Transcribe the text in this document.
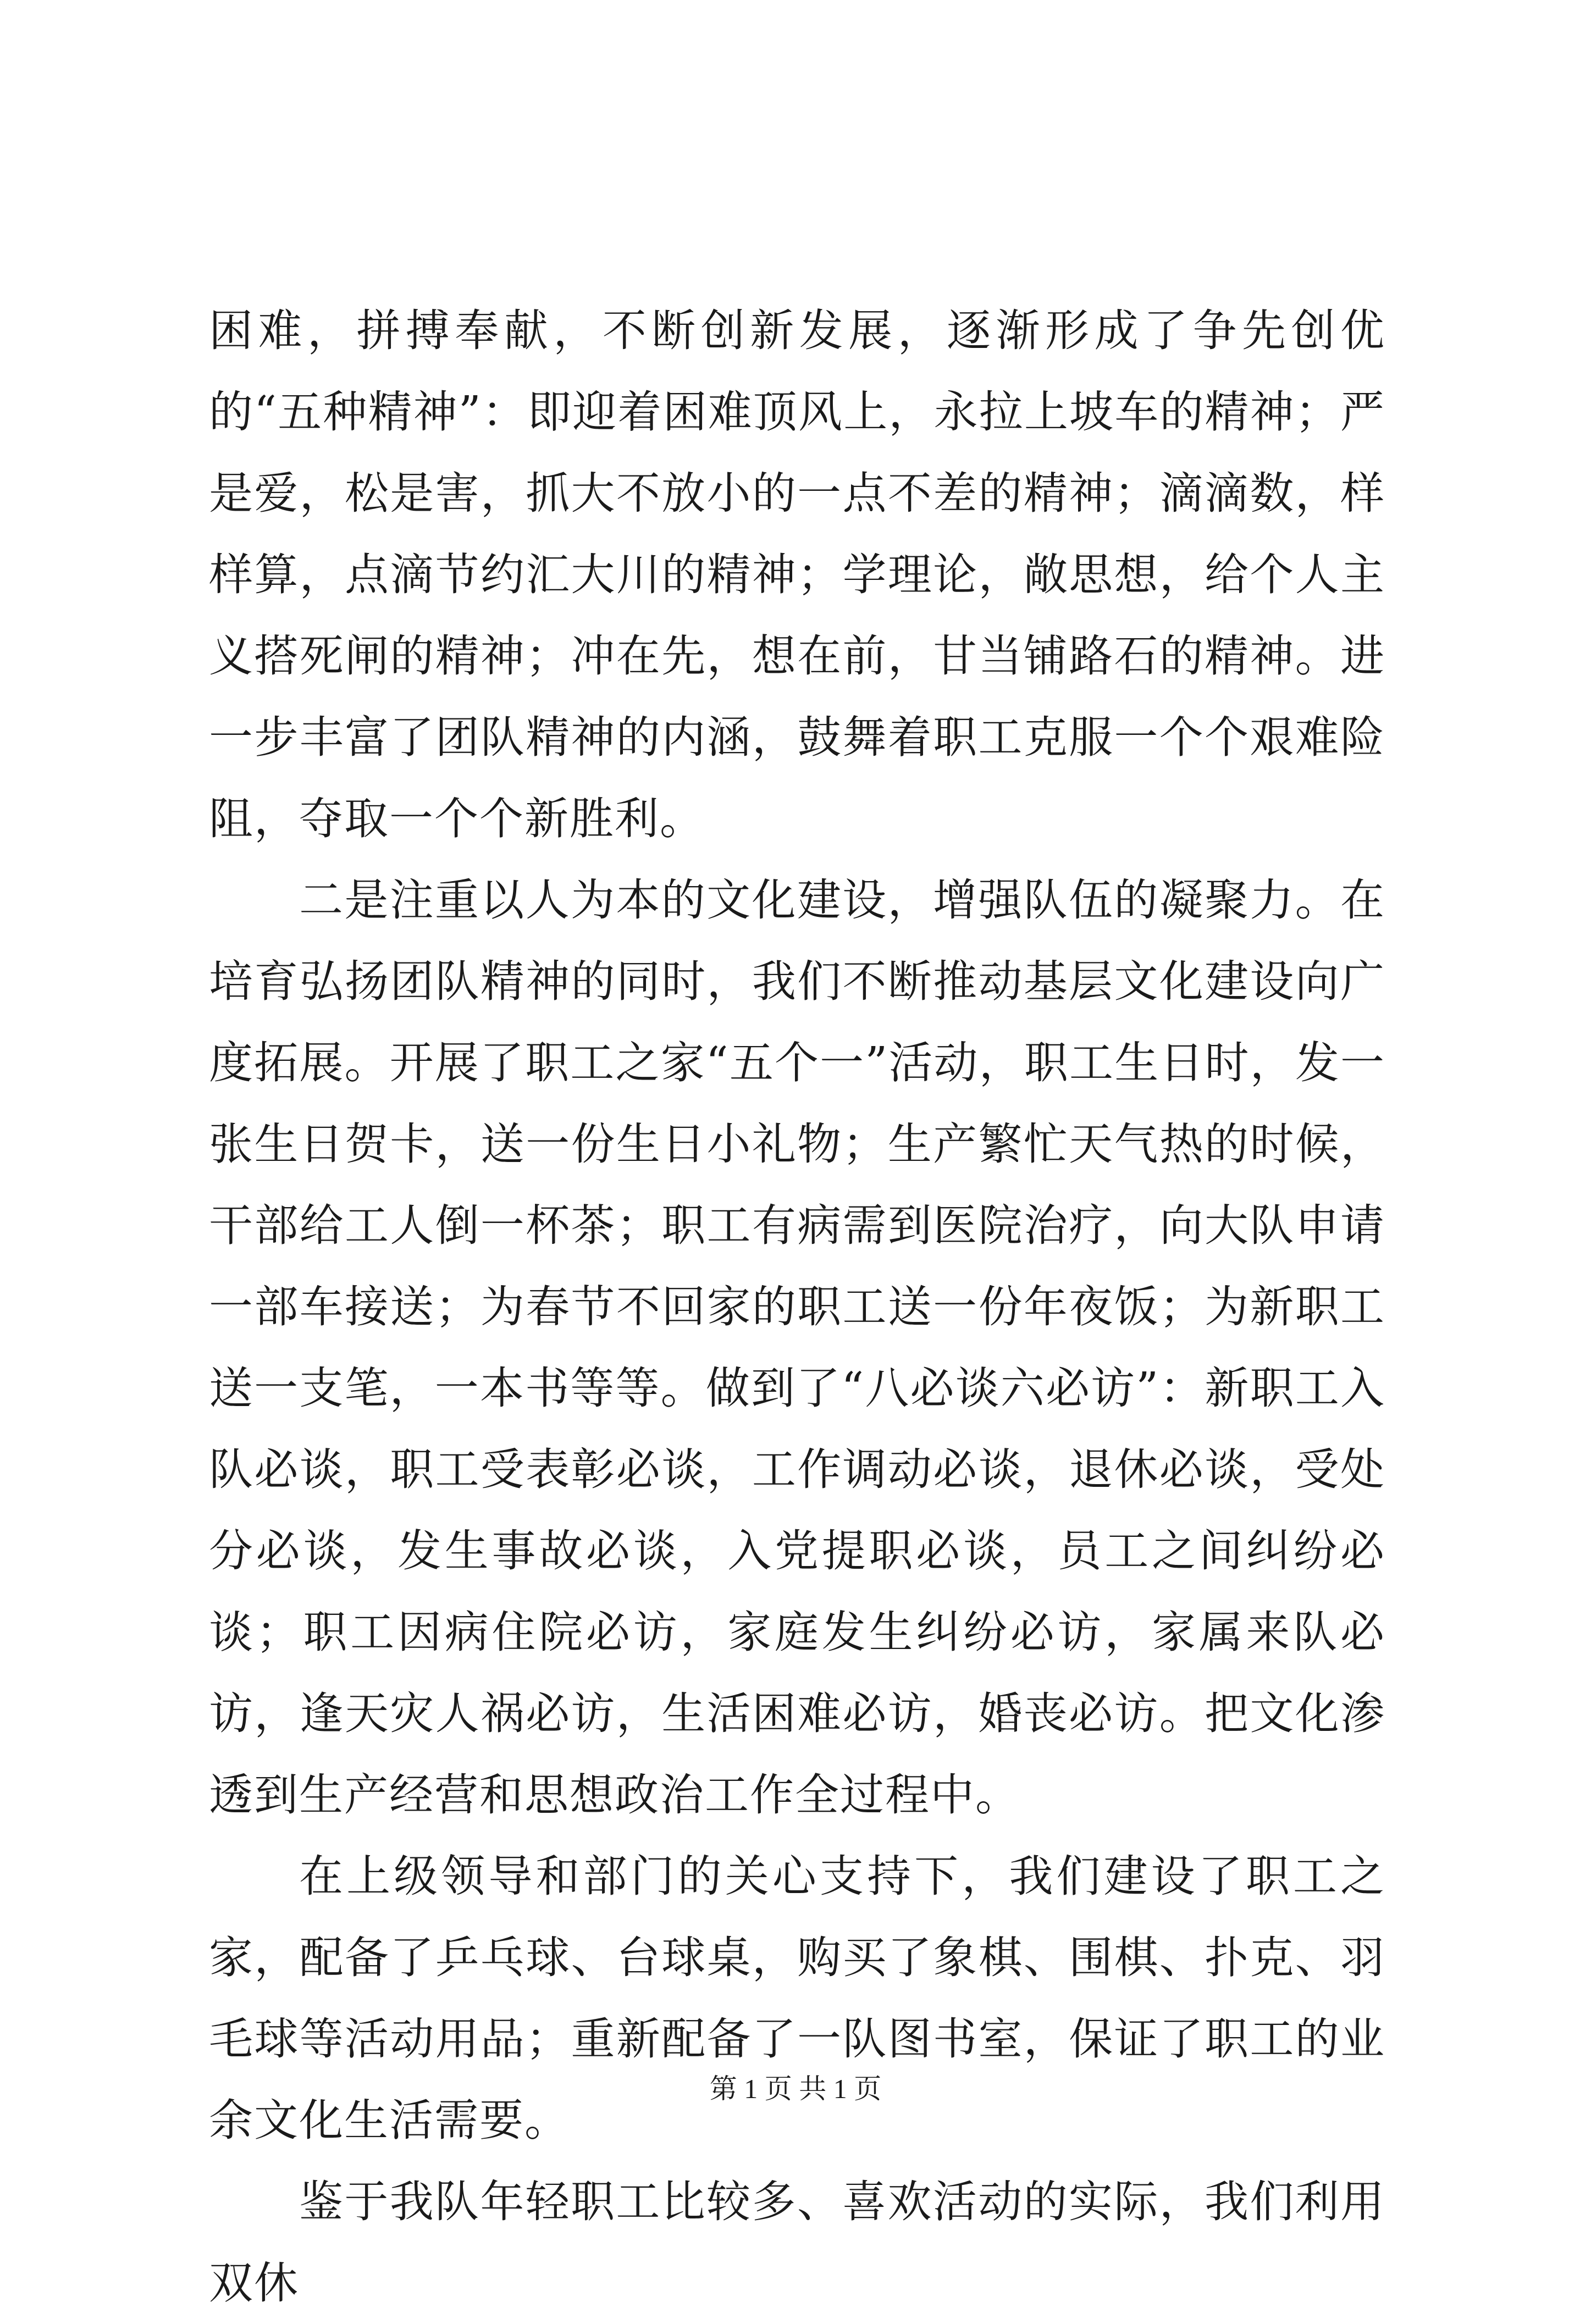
困难，拼搏奉献，不断创新发展，逐渐形成了争先创优的“五种精神”：即迎着困难顶风上，永拉上坡车的精神；严是爱，松是害，抓大不放小的一点不差的精神；滴滴数，样样算，点滴节约汇大川的精神；学理论，敞思想，给个人主义搭死闸的精神；冲在先，想在前，甘当铺路石的精神。进一步丰富了团队精神的内涵，鼓舞着职工克服一个个艰难险阻，夺取一个个新胜利。

二是注重以人为本的文化建设，增强队伍的凝聚力。在培育弘扬团队精神的同时，我们不断推动基层文化建设向广度拓展。开展了职工之家“五个一”活动，职工生日时，发一张生日贺卡，送一份生日小礼物；生产繁忙天气热的时候，干部给工人倒一杯茶；职工有病需到医院治疗，向大队申请一部车接送；为春节不回家的职工送一份年夜饭；为新职工送一支笔，一本书等等。做到了“八必谈六必访”：新职工入队必谈，职工受表彰必谈，工作调动必谈，退休必谈，受处分必谈，发生事故必谈，入党提职必谈，员工之间纠纷必谈；职工因病住院必访，家庭发生纠纷必访，家属来队必访，逢天灾人祸必访，生活困难必访，婚丧必访。把文化渗透到生产经营和思想政治工作全过程中。

在上级领导和部门的关心支持下，我们建设了职工之家，配备了乒乓球、台球桌，购买了象棋、围棋、扑克、羽毛球等活动用品；重新配备了一队图书室，保证了职工的业余文化生活需要。

鉴于我队年轻职工比较多、喜欢活动的实际，我们利用双休

第 1 页 共 1 页
